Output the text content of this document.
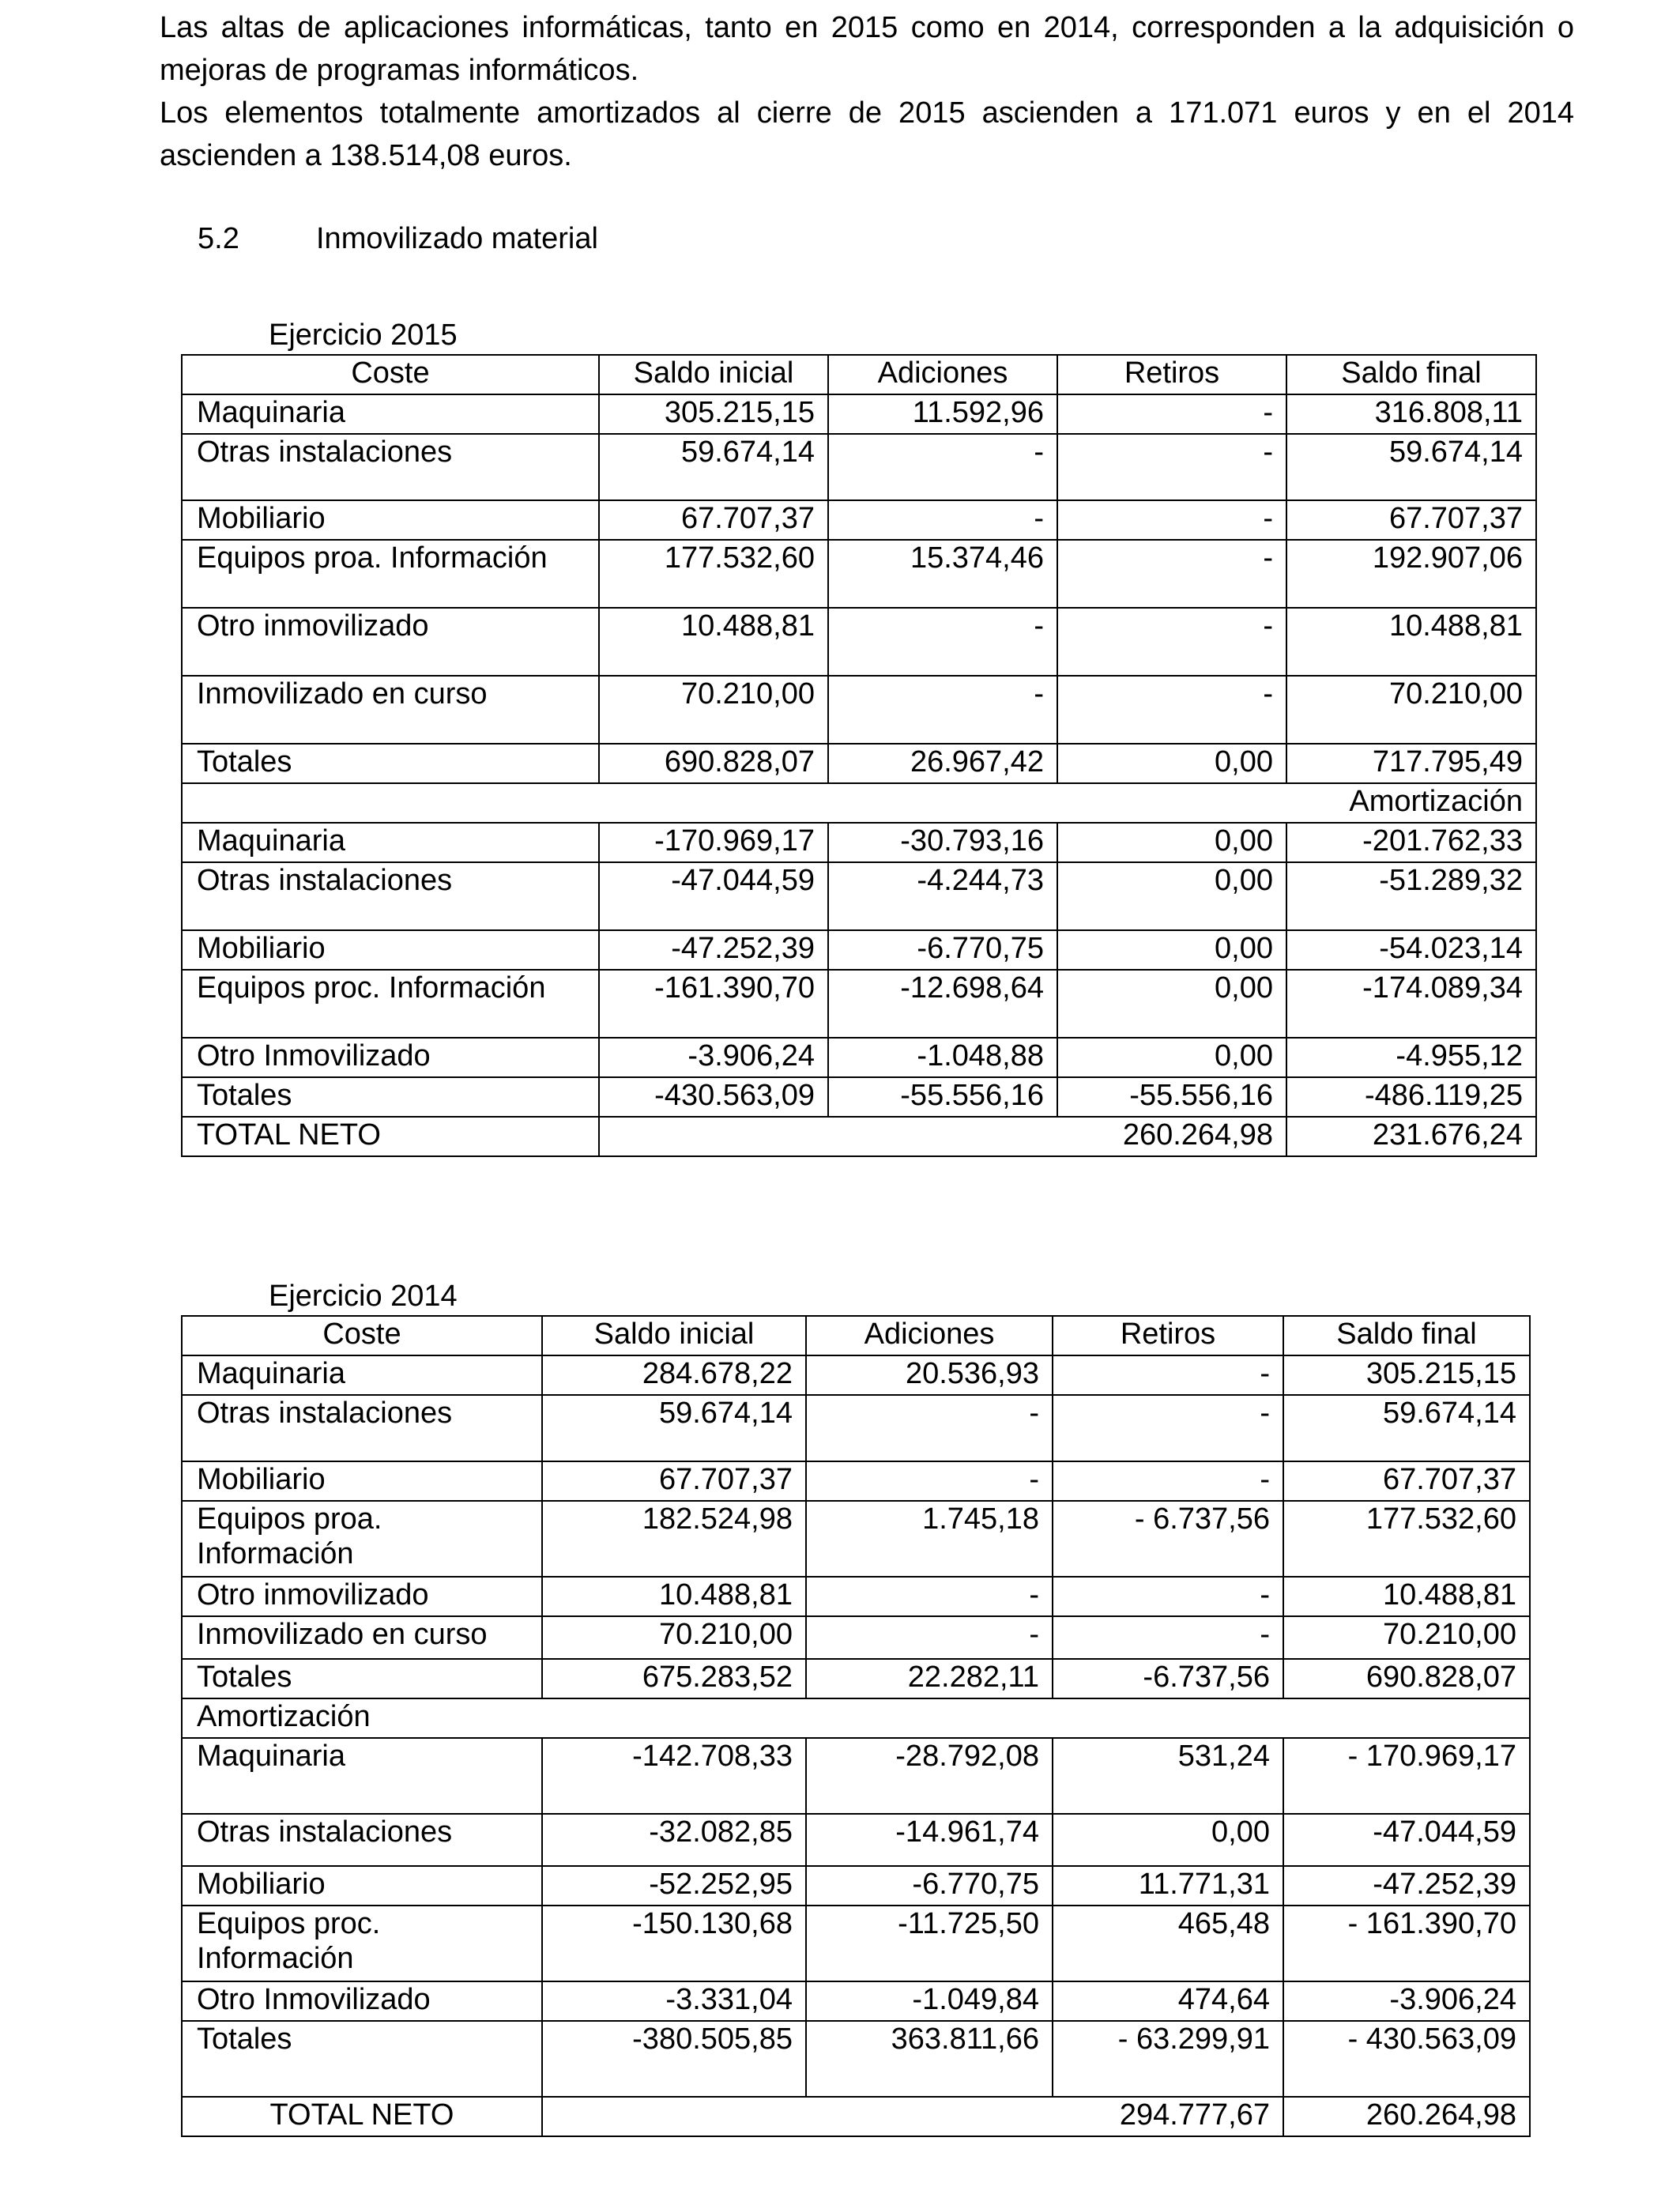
Las altas de aplicaciones informáticas, tanto en 2015 como en 2014, corresponden a la adquisición o mejoras de programas informáticos.

Los elementos totalmente amortizados al cierre de 2015 ascienden a 171.071 euros y en el 2014 ascienden a 138.514,08 euros.

5.2	Inmovilizado material
Ejercicio 2015
Coste	Saldo inicial	Adiciones	Retiros	Saldo final
Maquinaria	305.215,15	11.592,96	-	316.808,11
Otras instalaciones	59.674,14	-	-	59.674,14
Mobiliario	67.707,37	-	-	67.707,37
Equipos proa. Información	177.532,60	15.374,46	-	192.907,06
Otro inmovilizado	10.488,81	-	-	10.488,81
Inmovilizado en curso	70.210,00	-	-	70.210,00
Totales	690.828,07	26.967,42	0,00	717.795,49
Amortización				
Maquinaria	-170.969,17	-30.793,16	0,00	-201.762,33
Otras instalaciones	-47.044,59	-4.244,73	0,00	-51.289,32
Mobiliario	-47.252,39	-6.770,75	0,00	-54.023,14
Equipos proc. Información	-161.390,70	-12.698,64	0,00	-174.089,34
Otro Inmovilizado	-3.906,24	-1.048,88	0,00	-4.955,12
Totales	-430.563,09	-55.556,16	-55.556,16	-486.119,25
TOTAL NETO	260.264,98			231.676,24
Ejercicio 2014
Coste	Saldo inicial	Adiciones	Retiros	Saldo final
Maquinaria	284.678,22	20.536,93	-	305.215,15
Otras instalaciones	59.674,14	-	-	59.674,14
Mobiliario	67.707,37	-	-	67.707,37
Equipos proa. Información	182.524,98	1.745,18	- 6.737,56	177.532,60
Otro inmovilizado	10.488,81	-	-	10.488,81
Inmovilizado en curso	70.210,00	-	-	70.210,00
Totales	675.283,52	22.282,11	-6.737,56	690.828,07
Amortización				
Maquinaria	-142.708,33	-28.792,08	531,24	- 170.969,17
Otras instalaciones	-32.082,85	-14.961,74	0,00	-47.044,59
Mobiliario	-52.252,95	-6.770,75	11.771,31	-47.252,39
Equipos proc. Información	-150.130,68	-11.725,50	465,48	- 161.390,70
Otro Inmovilizado	-3.331,04	-1.049,84	474,64	-3.906,24
Totales	-380.505,85	363.811,66	- 63.299,91	- 430.563,09
TOTAL NETO	294.777,67			260.264,98
